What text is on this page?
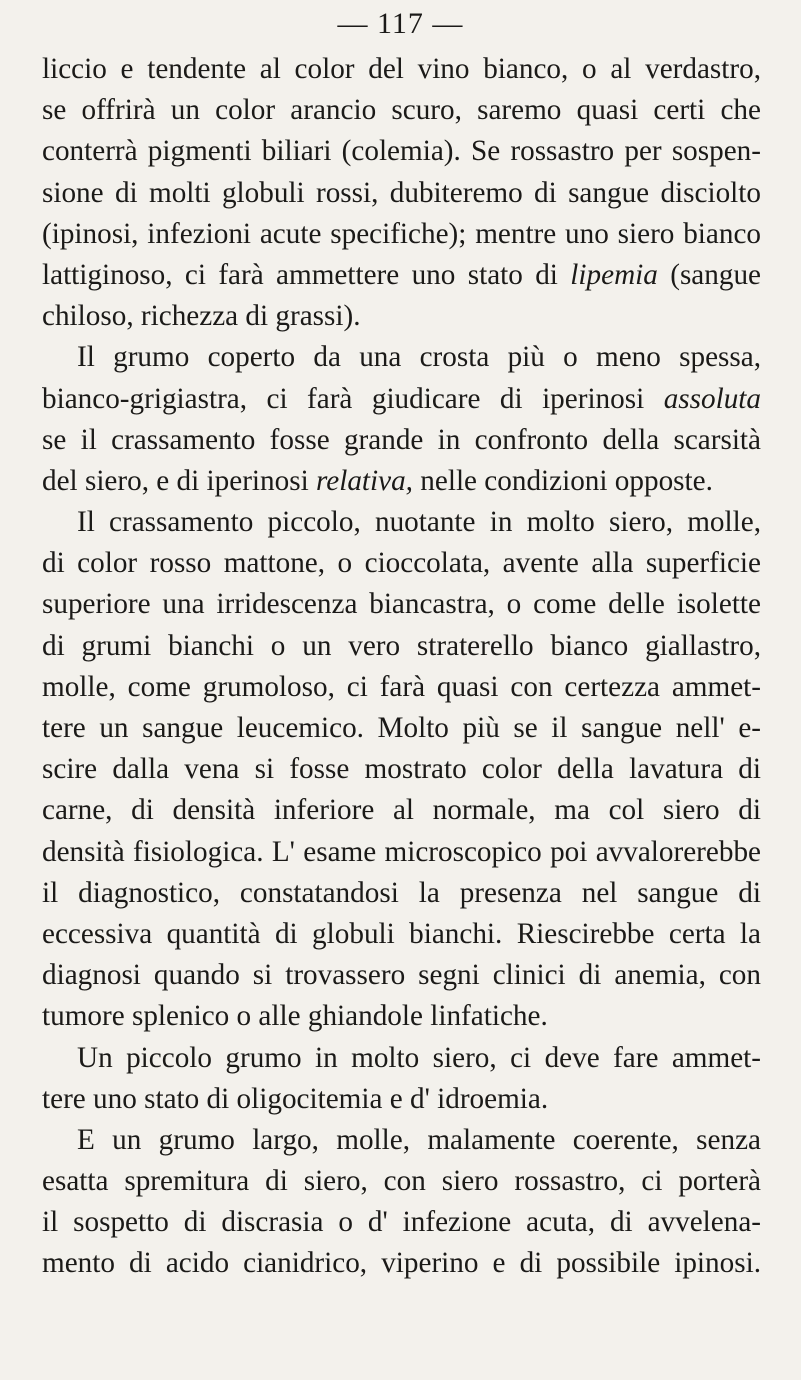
— 117 —
liccio e tendente al color del vino bianco, o al verdastro,
se offrirà un color arancio scuro, saremo quasi certi che
conterrà pigmenti biliari (colemia). Se rossastro per sospen-
sione di molti globuli rossi, dubiteremo di sangue disciolto
(ipinosi, infezioni acute specifiche); mentre uno siero bianco
lattiginoso, ci farà ammettere uno stato di lipemia (sangue
chiloso, richezza di grassi).
Il grumo coperto da una crosta più o meno spessa,
bianco-grigiastra, ci farà giudicare di iperinosi assoluta
se il crassamento fosse grande in confronto della scarsità
del siero, e di iperinosi relativa, nelle condizioni opposte.
Il crassamento piccolo, nuotante in molto siero, molle,
di color rosso mattone, o cioccolata, avente alla superficie
superiore una irridescenza biancastra, o come delle isolette
di grumi bianchi o un vero straterello bianco giallastro,
molle, come grumoloso, ci farà quasi con certezza ammet-
tere un sangue leucemico. Molto più se il sangue nell' e-
scire dalla vena si fosse mostrato color della lavatura di
carne, di densità inferiore al normale, ma col siero di
densità fisiologica. L' esame microscopico poi avvalorerebbe
il diagnostico, constatandosi la presenza nel sangue di
eccessiva quantità di globuli bianchi. Riescirebbe certa la
diagnosi quando si trovassero segni clinici di anemia, con
tumore splenico o alle ghiandole linfatiche.
Un piccolo grumo in molto siero, ci deve fare ammet-
tere uno stato di oligocitemia e d' idroemia.
E un grumo largo, molle, malamente coerente, senza
esatta spremitura di siero, con siero rossastro, ci porterà
il sospetto di discrasia o d' infezione acuta, di avvelena-
mento di acido cianidrico, viperino e di possibile ipinosi.
